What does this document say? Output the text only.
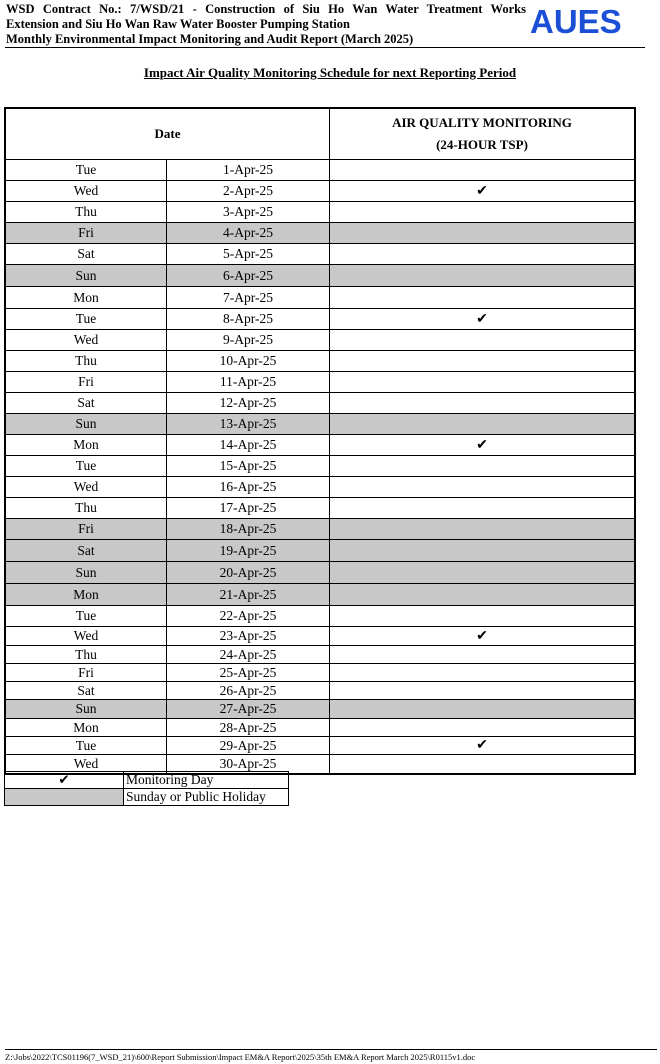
WSD Contract No.: 7/WSD/21 - Construction of Siu Ho Wan Water Treatment Works
Extension and Siu Ho Wan Raw Water Booster Pumping Station
Monthly Environmental Impact Monitoring and Audit Report (March 2025)	AUES
Impact Air Quality Monitoring Schedule for next Reporting Period
Date		AIR QUALITY MONITORING
(24-HOUR TSP)

Tue	1-Apr-25	
Wed	2-Apr-25	✔
Thu	3-Apr-25	
Fri	4-Apr-25	
Sat	5-Apr-25	
Sun	6-Apr-25	
Mon	7-Apr-25	
Tue	8-Apr-25	✔
Wed	9-Apr-25	
Thu	10-Apr-25	
Fri	11-Apr-25	
Sat	12-Apr-25	
Sun	13-Apr-25	
Mon	14-Apr-25	✔
Tue	15-Apr-25	
Wed	16-Apr-25	
Thu	17-Apr-25	
Fri	18-Apr-25	
Sat	19-Apr-25	
Sun	20-Apr-25	
Mon	21-Apr-25	
Tue	22-Apr-25	
Wed	23-Apr-25	✔
Thu	24-Apr-25	
Fri	25-Apr-25	
Sat	26-Apr-25	
Sun	27-Apr-25	
Mon	28-Apr-25	
Tue	29-Apr-25	✔
Wed	30-Apr-25	
✔	Monitoring Day
	Sunday or Public Holiday
Z:\Jobs\2022\TCS01196(7_WSD_21)\600\Report Submission\Impact EM&A Report\2025\35th EM&A Report March 2025\R0115v1.doc
